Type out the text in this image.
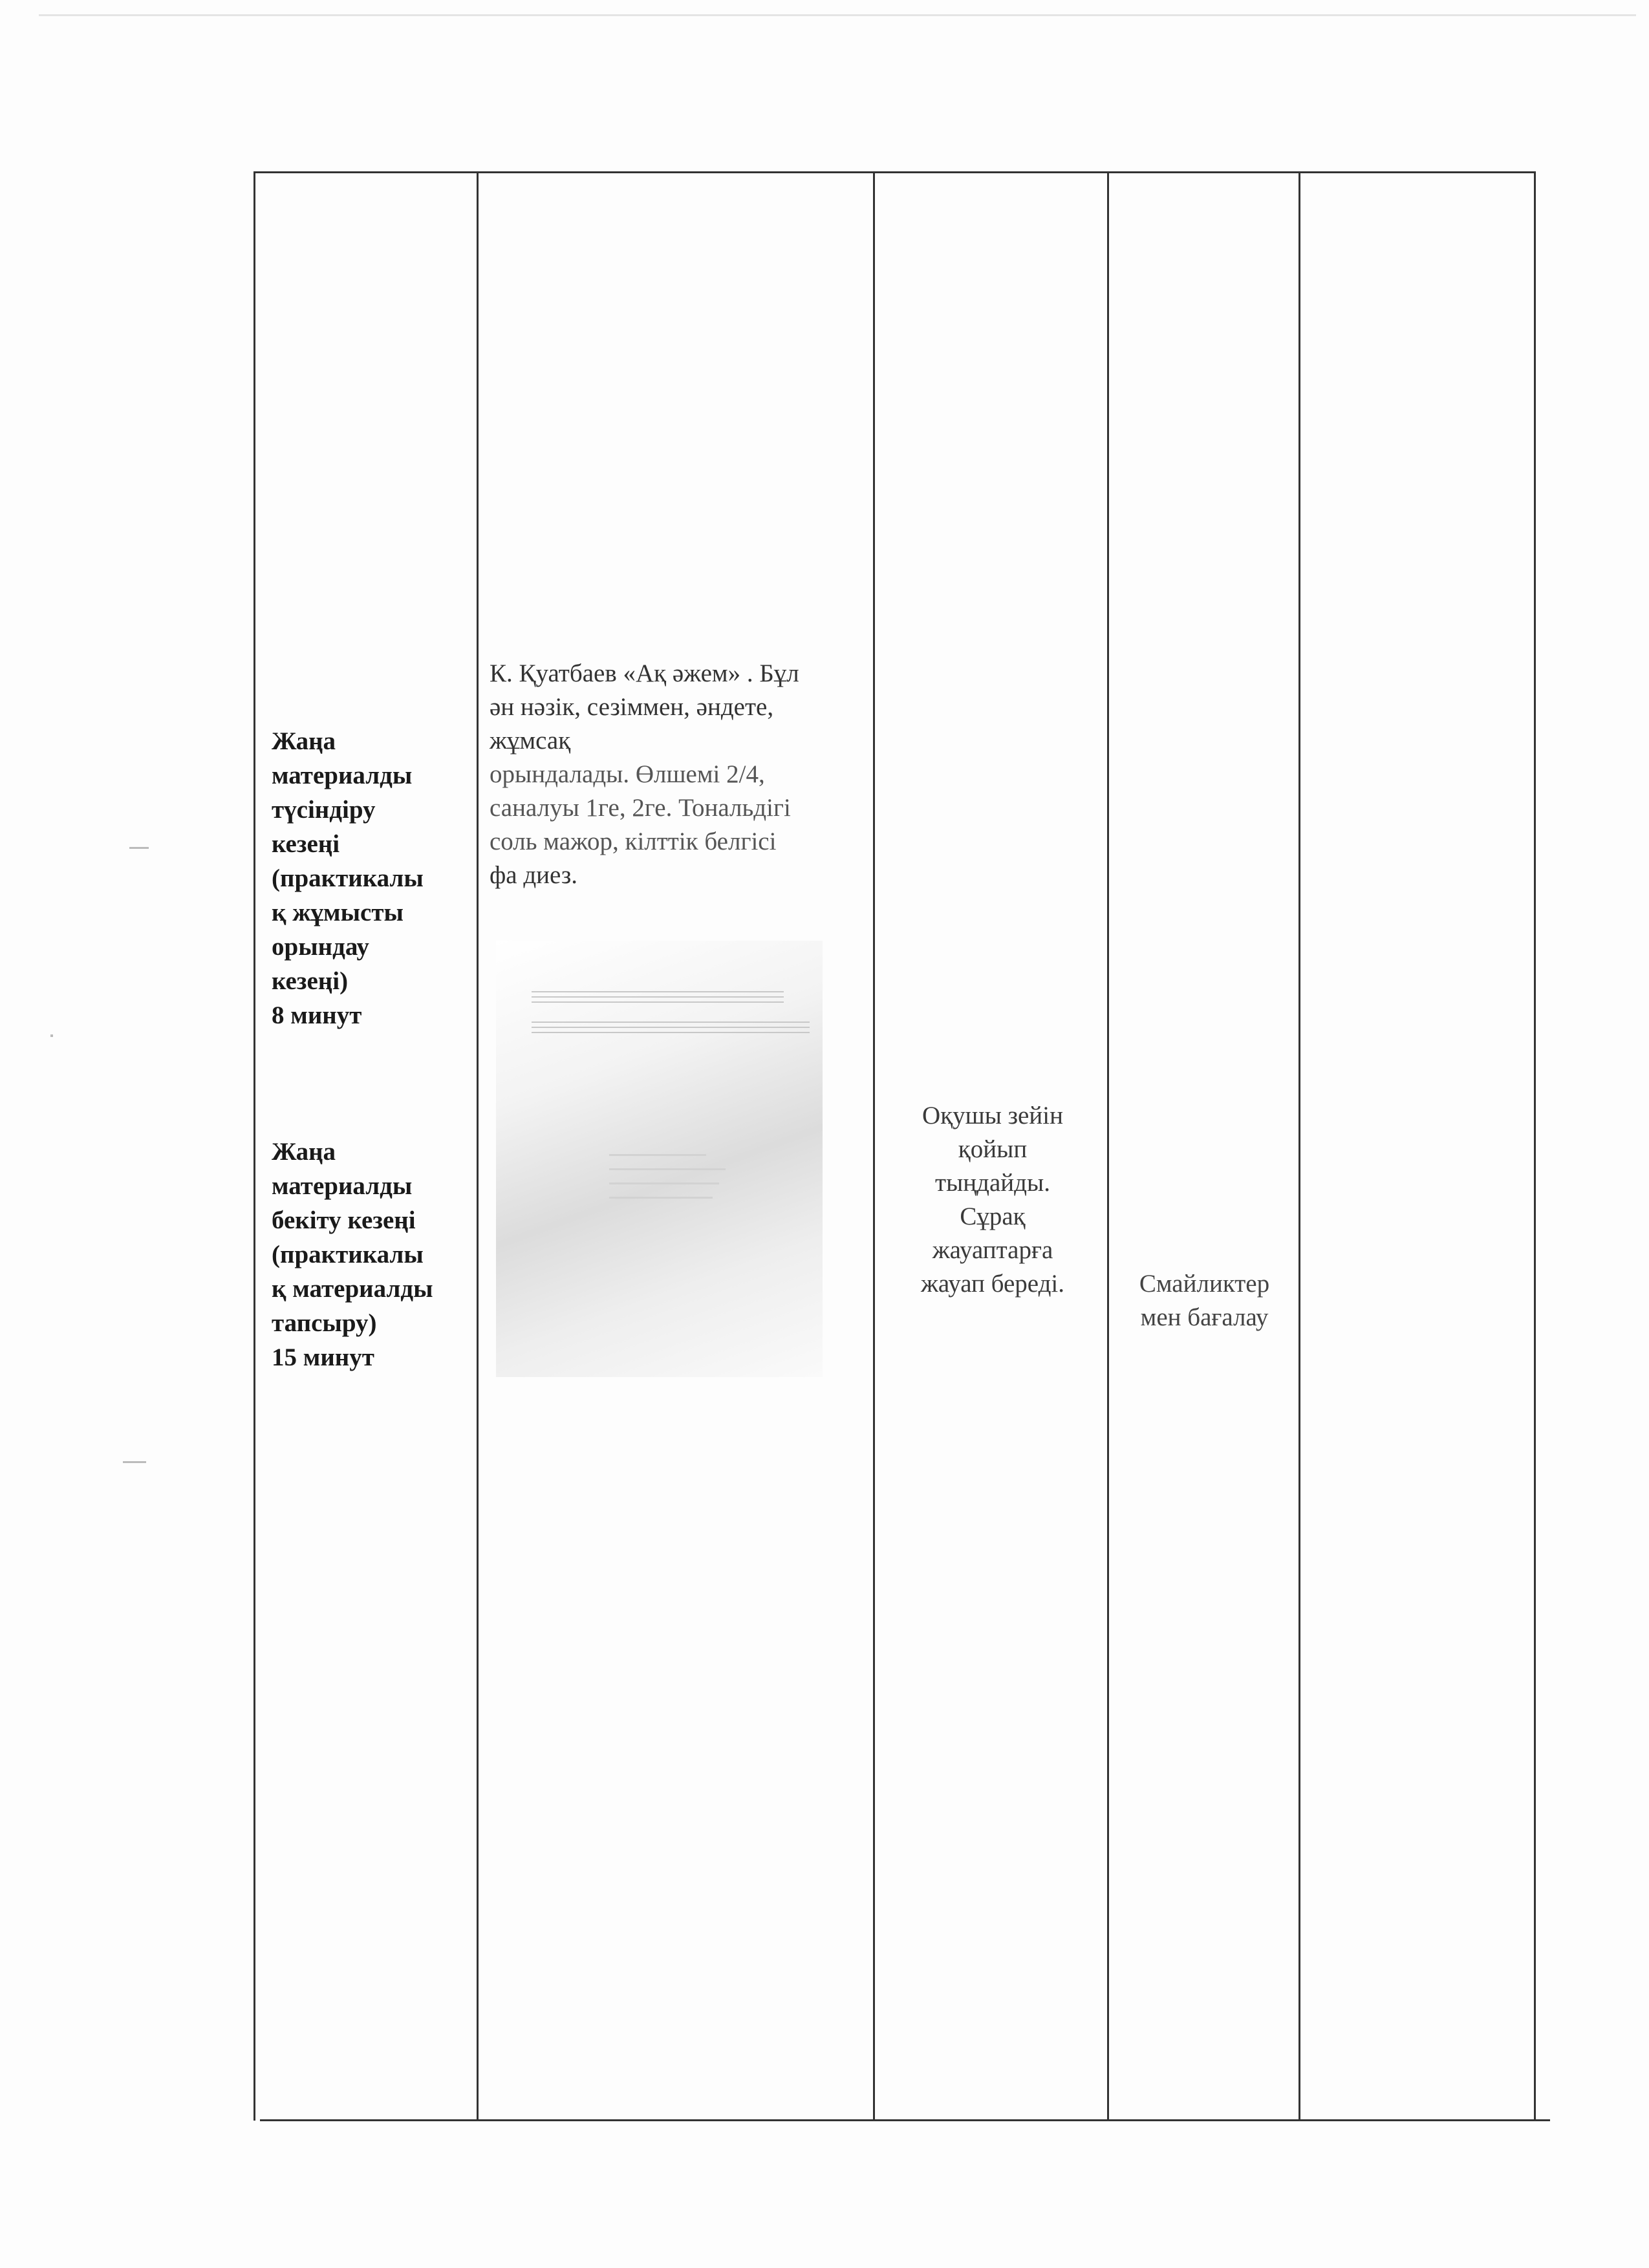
Жаңа
материалды
түсіндіру
кезеңі
(практикалы
қ жұмысты
орындау
кезеңі)
8 минут
Жаңа
материалды
бекіту кезеңі
(практикалы
қ материалды
тапсыру)
15 минут
К. Қуатбаев «Ақ әжем» . Бұл
ән нәзік, сезіммен, әндете,
жұмсақ
орындалады. Өлшемі 2/4,
саналуы 1ге, 2ге. Тональдігі
соль мажор, кілттік белгісі
фа диез.
Оқушы зейін
қойып
тыңдайды.
Сұрақ
жауаптарға
жауап береді.	Смайликтер
мен бағалау
